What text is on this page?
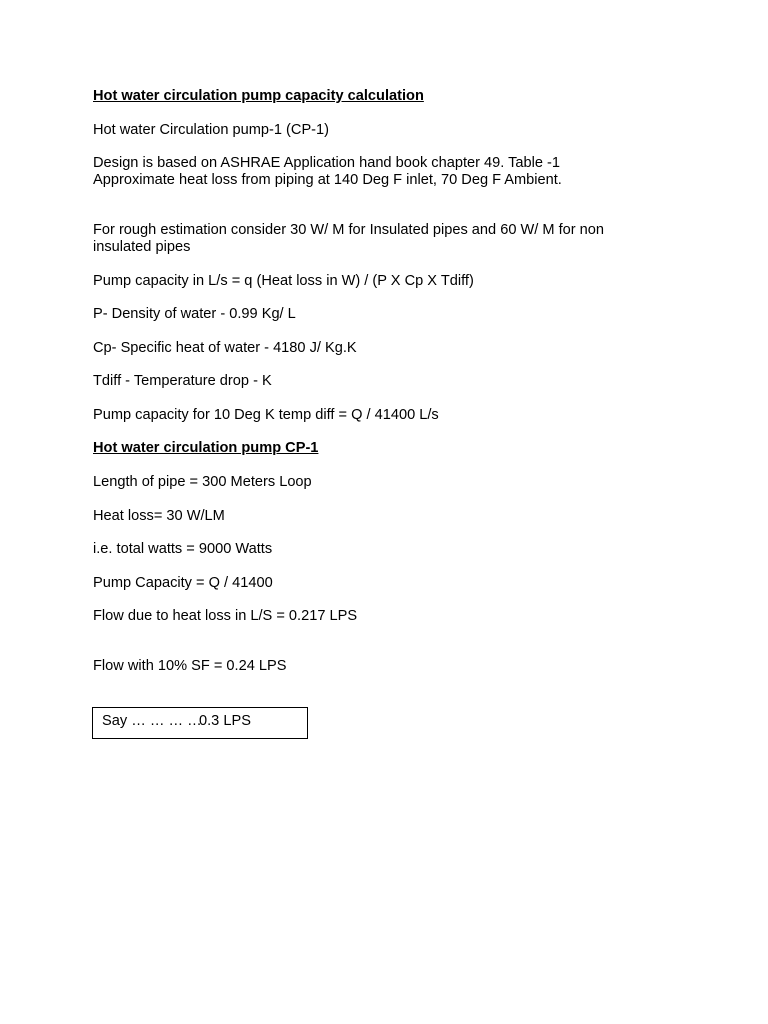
Hot water circulation pump capacity calculation
Hot water Circulation pump-1 (CP-1)
Design is based on ASHRAE Application hand book chapter 49. Table -1
Approximate heat loss from piping at 140 Deg F inlet, 70 Deg F Ambient.
For rough estimation consider 30 W/ M for Insulated pipes and 60 W/ M for non
insulated pipes
Pump capacity in L/s = q (Heat loss in W) / (P X Cp X Tdiff)
P- Density of water - 0.99 Kg/ L
Cp- Specific heat of water - 4180 J/ Kg.K
Tdiff - Temperature drop - K
Pump capacity for 10 Deg K temp diff = Q / 41400 L/s
Hot water circulation pump CP-1
Length of pipe = 300 Meters Loop
Heat loss= 30 W/LM
i.e. total watts = 9000 Watts
Pump Capacity = Q / 41400
Flow due to heat loss in L/S = 0.217 LPS
Flow with 10% SF = 0.24 LPS
Say … … … …
0.3 LPS
